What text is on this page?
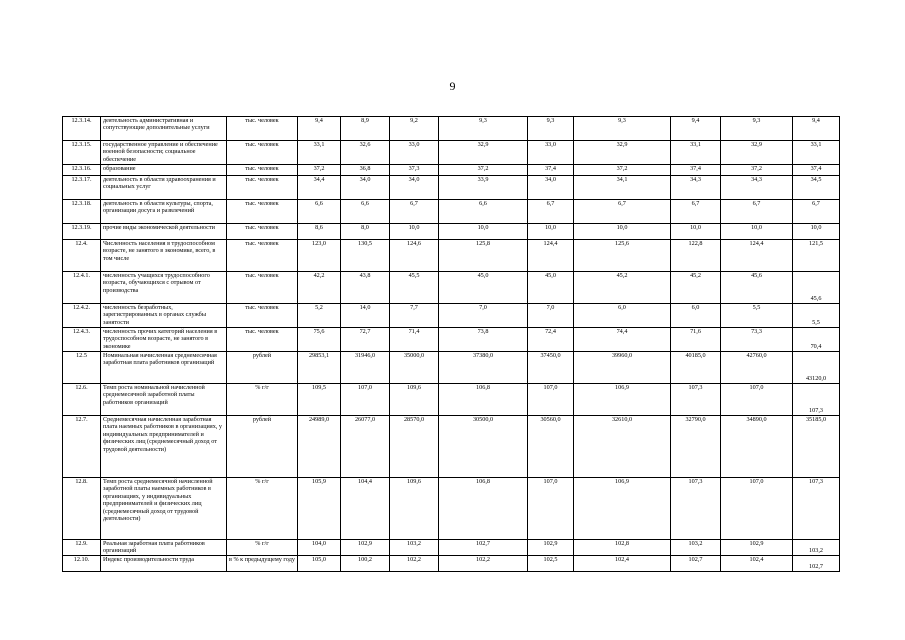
9
12.3.14.	деятельность административная и сопутствующие дополнительные услуги	тыс. человек	9,4	8,9	9,2	9,3	9,3	9,3	9,4	9,3	9,4
12.3.15.	государственное управление и обеспечение военной безопасности; социальное обеспечение	тыс. человек	33,1	32,6	33,0	32,9	33,0	32,9	33,1	32,9	33,1
12.3.16.	образование	тыс. человек	37,2	36,8	37,3	37,2	37,4	37,2	37,4	37,2	37,4
12.3.17.	деятельность в области здравоохранения и социальных услуг	тыс. человек	34,4	34,0	34,0	33,9	34,0	34,1	34,3	34,3	34,5
12.3.18.	деятельность в области культуры, спорта, организации досуга и развлечений	тыс. человек	6,6	6,6	6,7	6,6	6,7	6,7	6,7	6,7	6,7
12.3.19.	прочие виды экономической деятельности	тыс. человек	8,6	8,0	10,0	10,0	10,0	10,0	10,0	10,0	10,0
12.4.	Численность населения в трудоспособном возрасте, не занятого в экономике, всего, в том числе	тыс. человек	123,0	130,5	124,6	125,8	124,4	125,6	122,8	124,4	121,5
12.4.1.	численность учащихся трудоспособного возраста, обучающихся с отрывом от производства	тыс. человек	42,2	43,8	45,5	45,0	45,0	45,2	45,2	45,6	45,6
12.4.2.	численность безработных, зарегистрированных в органах службы занятости	тыс. человек	5,2	14,0	7,7	7,0	7,0	6,0	6,0	5,5	5,5
12.4.3.	численность прочих категорий населения в трудоспособном возрасте, не занятого в экономике	тыс. человек	75,6	72,7	71,4	73,8	72,4	74,4	71,6	73,3	70,4
12.5	Номинальная начисленная среднемесячная заработная плата работников организаций	рублей	29853,1	31946,0	35000,0	37380,0	37450,0	39960,0	40185,0	42760,0	43120,0
12.6.	Темп роста номинальной начисленной среднемесячной заработной платы работников организаций	% г/г	109,5	107,0	109,6	106,8	107,0	106,9	107,3	107,0	107,3
12.7.	Среднемесячная начисленная заработная плата наемных работников в организациях, у индивидуальных предпринимателей и физических лиц (среднемесячный доход от трудовой деятельности)	рублей	24989,0	26077,0	28570,0	30500,0	30560,0	32610,0	32790,0	34890,0	35185,0
12.8.	Темп роста среднемесячной начисленной заработной платы наемных работников в организациях, у индивидуальных предпринимателей и физических лиц (среднемесячный доход от трудовой деятельности)	% г/г	105,9	104,4	109,6	106,8	107,0	106,9	107,3	107,0	107,3
12.9.	Реальная заработная плата работников организаций	% г/г	104,0	102,9	103,2	102,7	102,9	102,8	103,2	102,9	103,2
12.10.	Индекс производительности труда	в % к предыдущему году	105,0	100,2	102,2	102,2	102,5	102,4	102,7	102,4	102,7
